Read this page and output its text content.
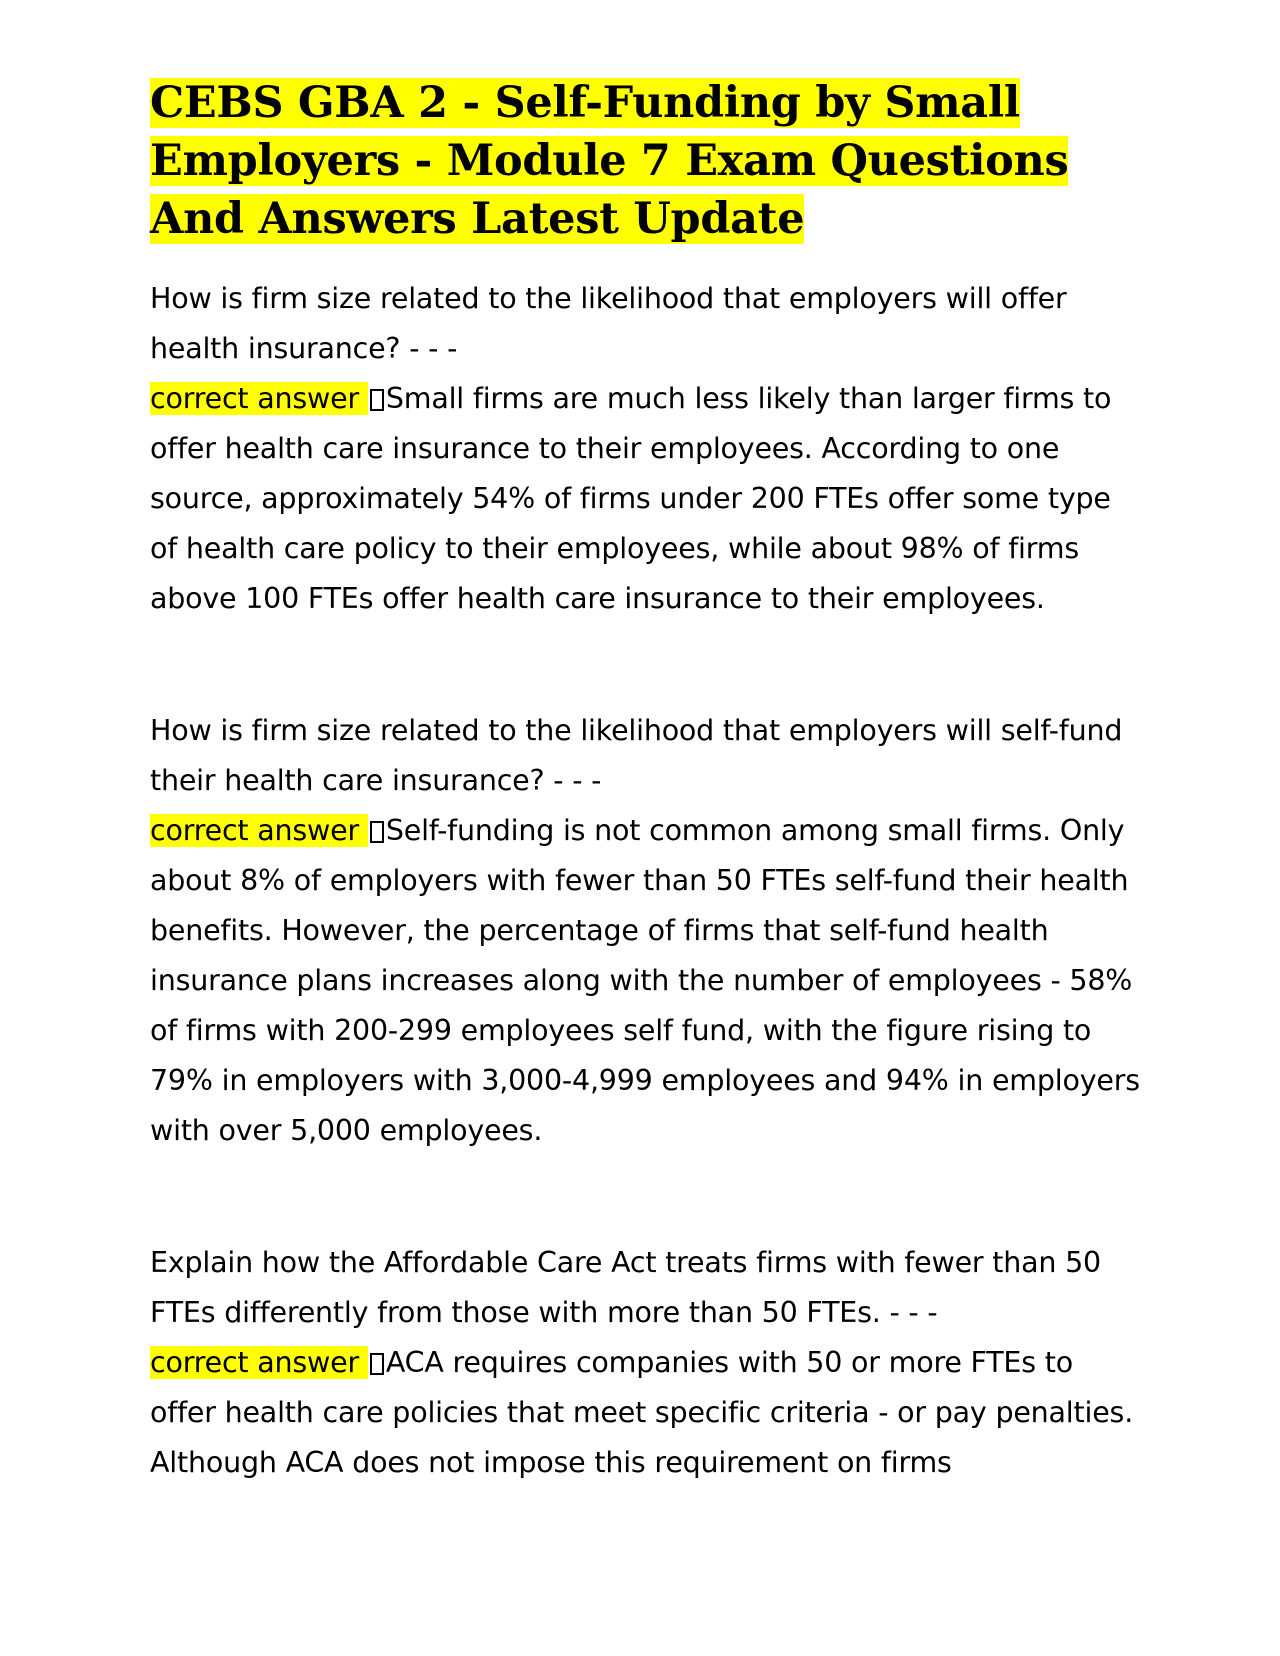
CEBS GBA 2 - Self-Funding by Small Employers - Module 7 Exam Questions And Answers Latest Update
How is firm size related to the likelihood that employers will offer health insurance? - - -
correct answer Small firms are much less likely than larger firms to offer health care insurance to their employees. According to one source, approximately 54% of firms under 200 FTEs offer some type of health care policy to their employees, while about 98% of firms above 100 FTEs offer health care insurance to their employees.
How is firm size related to the likelihood that employers will self-fund their health care insurance? - - -
correct answer Self-funding is not common among small firms. Only about 8% of employers with fewer than 50 FTEs self-fund their health benefits. However, the percentage of firms that self-fund health insurance plans increases along with the number of employees - 58% of firms with 200-299 employees self fund, with the figure rising to 79% in employers with 3,000-4,999 employees and 94% in employers with over 5,000 employees.
Explain how the Affordable Care Act treats firms with fewer than 50 FTEs differently from those with more than 50 FTEs. - - -
correct answer ACA requires companies with 50 or more FTEs to offer health care policies that meet specific criteria - or pay penalties. Although ACA does not impose this requirement on firms
